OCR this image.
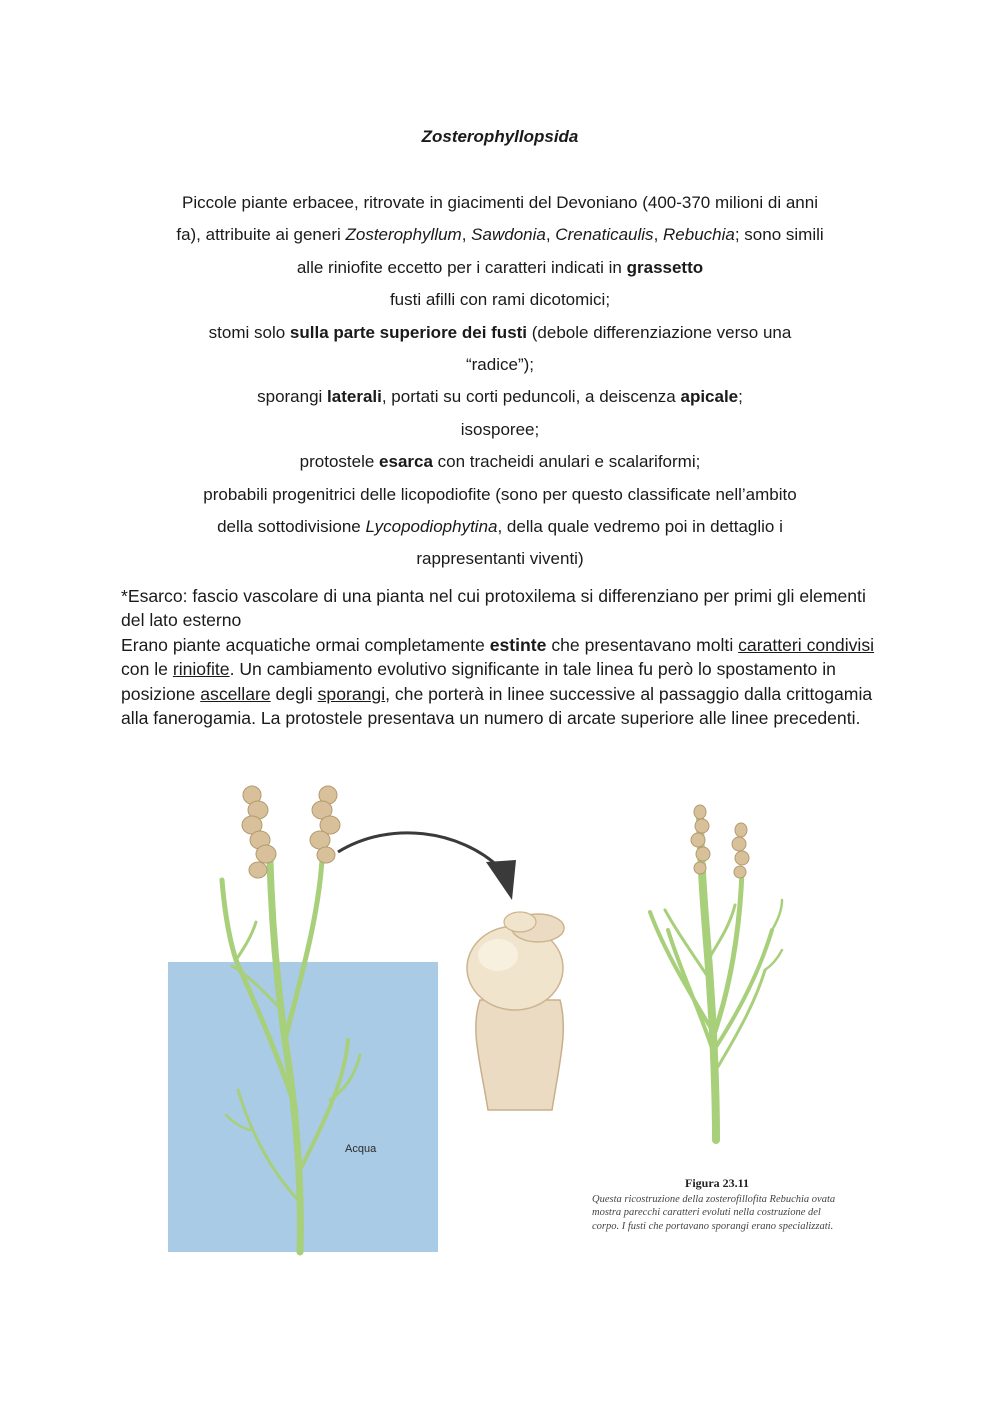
Zosterophyllopsida
Piccole piante erbacee, ritrovate in giacimenti del Devoniano (400-370 milioni di anni
fa), attribuite ai generi Zosterophyllum, Sawdonia, Crenaticaulis, Rebuchia; sono simili
alle riniofite eccetto per i caratteri indicati in grassetto
fusti afilli con rami dicotomici;
stomi solo sulla parte superiore dei fusti (debole differenziazione verso una
“radice”);
sporangi laterali, portati su corti peduncoli, a deiscenza apicale;
isosporee;
protostele esarca con tracheidi anulari e scalariformi;
probabili progenitrici delle licopodiofite (sono per questo classificate nell’ambito
della sottodivisione Lycopodiophytina, della quale vedremo poi in dettaglio i
rappresentanti viventi)
*Esarco: fascio vascolare di una pianta nel cui protoxilema si differenziano per primi gli elementi del lato esterno
Erano piante acquatiche ormai completamente estinte che presentavano molti caratteri condivisi con le riniofite. Un cambiamento evolutivo significante in tale linea fu però lo spostamento in posizione ascellare degli sporangi, che porterà in linee successive al passaggio dalla crittogamia alla fanerogamia. La protostele presentava un numero di arcate superiore alle linee precedenti.
Acqua
Figura 23.11
Questa ricostruzione della zosterofillofita Rebuchia ovata mostra parecchi caratteri evoluti nella costruzione del corpo. I fusti che portavano sporangi erano specializzati.
